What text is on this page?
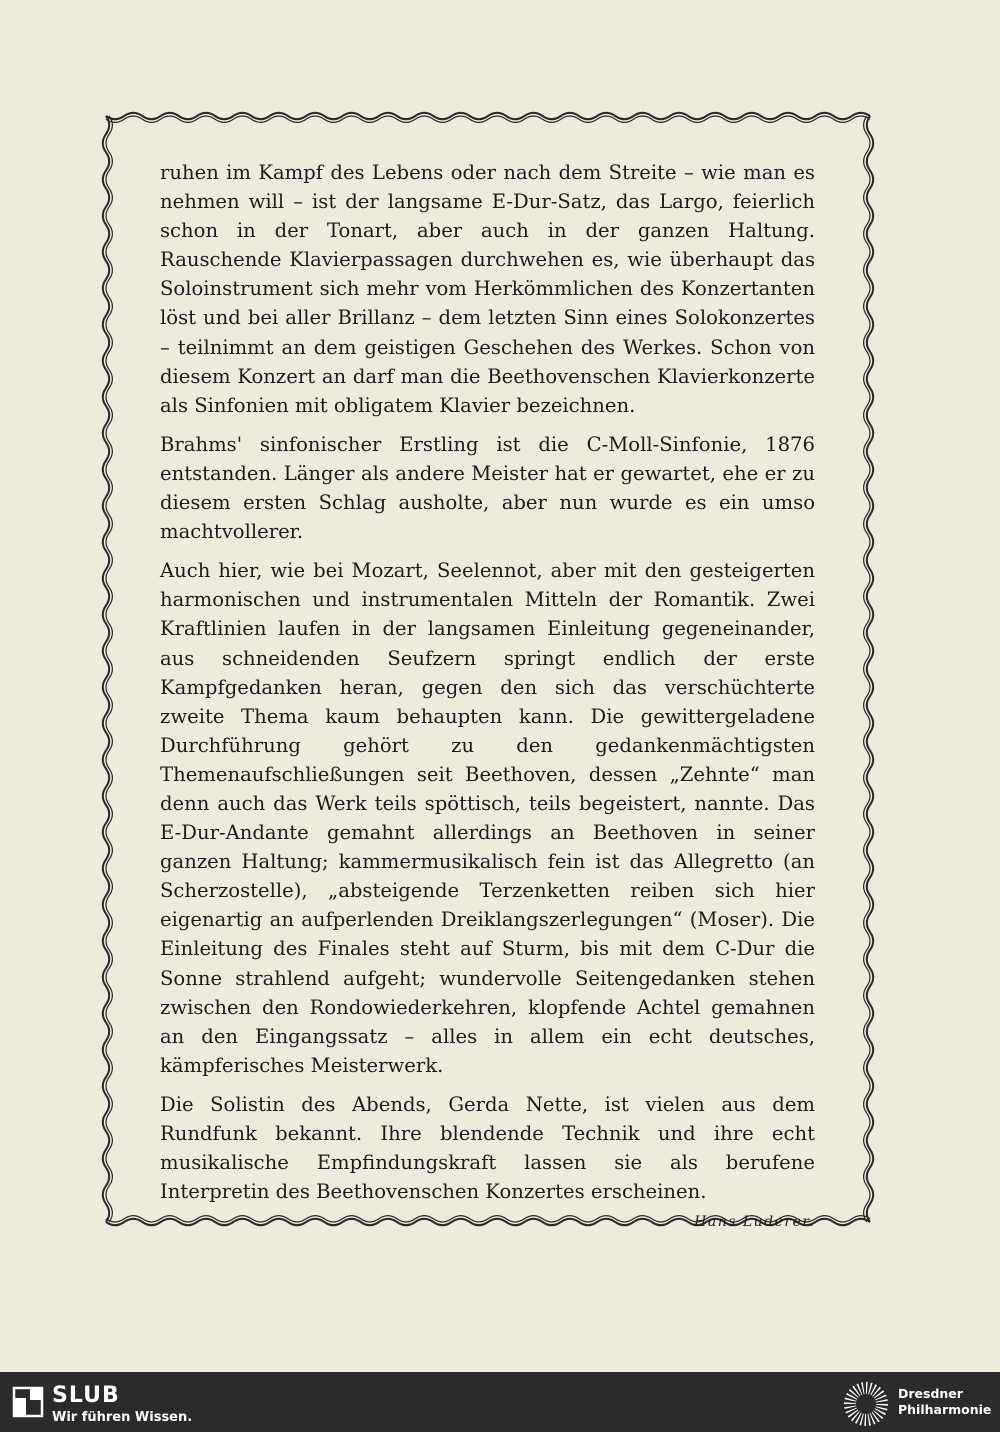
ruhen im Kampf des Lebens oder nach dem Streite – wie man es nehmen will – ist der langsame E-Dur-Satz, das Largo, feierlich schon in der Tonart, aber auch in der ganzen Haltung. Rauschende Klavierpassagen durchwehen es, wie überhaupt das Soloinstrument sich mehr vom Herkömmlichen des Konzertanten löst und bei aller Brillanz – dem letzten Sinn eines Solokonzertes – teilnimmt an dem geistigen Geschehen des Werkes. Schon von diesem Konzert an darf man die Beethovenschen Klavierkonzerte als Sinfonien mit obligatem Klavier bezeichnen.

Brahms' sinfonischer Erstling ist die C-Moll-Sinfonie, 1876 entstanden. Länger als andere Meister hat er gewartet, ehe er zu diesem ersten Schlag ausholte, aber nun wurde es ein umso machtvollerer.

Auch hier, wie bei Mozart, Seelennot, aber mit den gesteigerten harmonischen und instrumentalen Mitteln der Romantik. Zwei Kraftlinien laufen in der langsamen Einleitung gegeneinander, aus schneidenden Seufzern springt endlich der erste Kampfgedanken heran, gegen den sich das verschüchterte zweite Thema kaum behaupten kann. Die gewittergeladene Durchführung gehört zu den gedankenmächtigsten Themenaufschließungen seit Beethoven, dessen „Zehnte“ man denn auch das Werk teils spöttisch, teils begeistert, nannte. Das E-Dur-Andante gemahnt allerdings an Beethoven in seiner ganzen Haltung; kammermusikalisch fein ist das Allegretto (an Scherzostelle), „absteigende Terzenketten reiben sich hier eigenartig an aufperlenden Dreiklangszerlegungen“ (Moser). Die Einleitung des Finales steht auf Sturm, bis mit dem C-Dur die Sonne strahlend aufgeht; wundervolle Seitengedanken stehen zwischen den Rondowiederkehren, klopfende Achtel gemahnen an den Eingangssatz – alles in allem ein echt deutsches, kämpferisches Meisterwerk.

Die Solistin des Abends, Gerda Nette, ist vielen aus dem Rundfunk bekannt. Ihre blendende Technik und ihre echt musikalische Empfindungskraft lassen sie als berufene Interpretin des Beethovenschen Konzertes erscheinen.
Hans Luderer.

SLUB
Wir führen Wissen.
Dresdner
Philharmonie
